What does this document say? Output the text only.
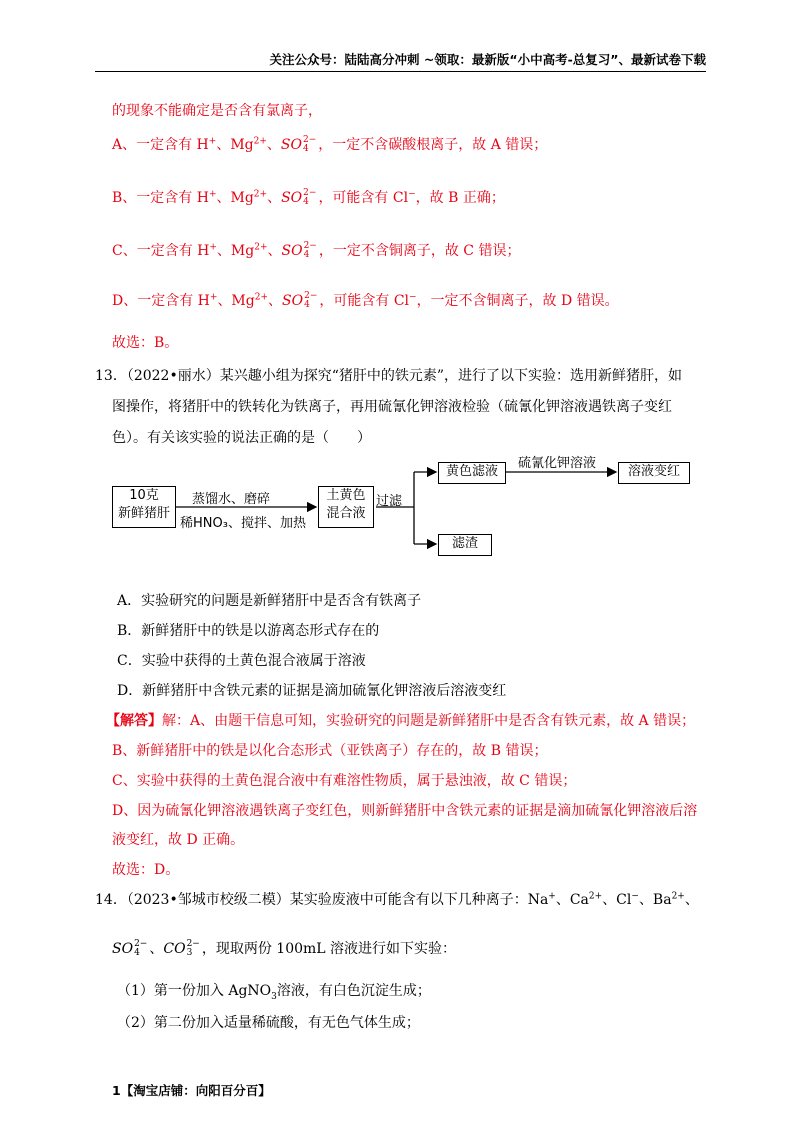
关注公众号：陆陆高分冲刺 ~领取：最新版“小中高考-总复习”、最新试卷下载
的现象不能确定是否含有氯离子，
A、一定含有 H+、$Mg^{2+}$、SO 2−
4 ，一定不含碳酸根离子，故 A 错误；
B、一定含有 H+、$Mg^{2+}$、SO 2−
4 ，可能含有 Cl−，故 B 正确；
C、一定含有 H+、$Mg^{2+}$、SO 2−
4 ，一定不含铜离子，故 C 错误；
D、一定含有 H+、$Mg^{2+}$、SO 2−
4 ，可能含有 Cl−，一定不含铜离子，故 D 错误。
故选：B。
13．（2022•丽水）某兴趣小组为探究“猪肝中的铁元素”，进行了以下实验：选用新鲜猪肝，如
图操作，将猪肝中的铁转化为铁离子，再用硫氰化钾溶液检验（硫氰化钾溶液遇铁离子变红
色）。有关该实验的说法正确的是（　　）
10克
新鲜猪肝
蒸馏水、磨碎
稀HNO₃、搅拌、加热
土黄色
混合液
过滤
黄色滤液
硫氰化钾溶液
溶液变红
滤渣
A．实验研究的问题是新鲜猪肝中是否含有铁离子
B．新鲜猪肝中的铁是以游离态形式存在的
C．实验中获得的土黄色混合液属于溶液
D．新鲜猪肝中含铁元素的证据是滴加硫氰化钾溶液后溶液变红
【解答】解：A、由题干信息可知，实验研究的问题是新鲜猪肝中是否含有铁元素，故 A 错误；
B、新鲜猪肝中的铁是以化合态形式（亚铁离子）存在的，故 B 错误；
C、实验中获得的土黄色混合液中有难溶性物质，属于悬浊液，故 C 错误；
D、因为硫氰化钾溶液遇铁离子变红色，则新鲜猪肝中含铁元素的证据是滴加硫氰化钾溶液后溶
液变红，故 D 正确。
故选：D。
14．（2023•邹城市校级二模）某实验废液中可能含有以下几种离子：Na+、$Ca^{2+}$、Cl−、$Ba^{2+}$、
SO 2−
4 、CO 2−
3 ，现取两份 100mL 溶液进行如下实验：
（1）第一份加入 AgNO$_3$溶液，有白色沉淀生成；
（2）第二份加入适量稀硫酸，有无色气体生成；
1【淘宝店铺：向阳百分百】
